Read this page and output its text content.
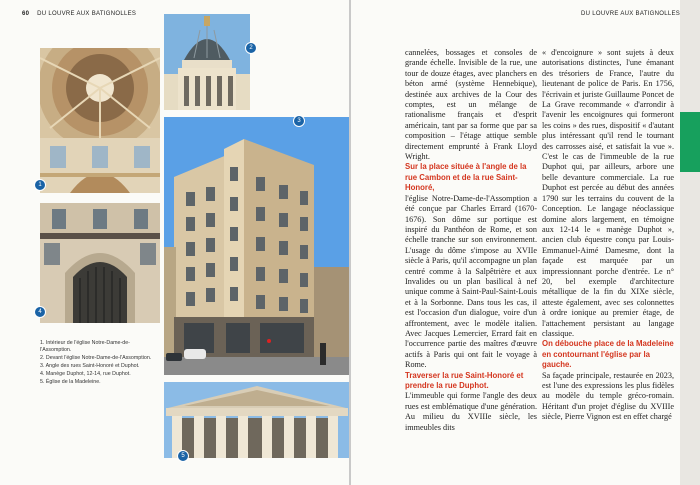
60 DU LOUVRE AUX BATIGNOLLES
1
4
2
3
5

1. Intérieur de l'église Notre-Dame-de-l'Assomption.

2. Devant l'église Notre-Dame-de-l'Assomption.

3. Angle des rues Saint-Honoré et Duphot.

4. Manège Duphot, 12-14, rue Duphot.

5. Église de la Madeleine.

DU LOUVRE AUX BATIGNOLLES

cannelées, bossages et consoles de grande échelle. Invisible de la rue, une tour de douze étages, avec planchers en béton armé (système Hennebique), destinée aux archives de la Cour des comptes, est un mélange de rationalisme français et d'esprit américain, tant par sa forme que par sa composition – l'étage attique semble directement emprunté à Frank Lloyd Wright.

Sur la place située à l'angle de la rue Cambon et de la rue Saint-Honoré,

l'église Notre-Dame-de-l'Assomption a été conçue par Charles Errard (1670-1676). Son dôme sur portique est inspiré du Panthéon de Rome, et son échelle tranche sur son environnement. L'usage du dôme s'impose au XVIIe siècle à Paris, qu'il accompagne un plan centré comme à la Salpêtrière et aux Invalides ou un plan basilical à nef unique comme à Saint-Paul-Saint-Louis et à la Sorbonne. Dans tous les cas, il est l'occasion d'un dialogue, voire d'un affrontement, avec le modèle italien. Avec Jacques Lemercier, Errard fait en l'occurrence partie des maîtres d'œuvre actifs à Paris qui ont fait le voyage à Rome.

Traverser la rue Saint-Honoré et prendre la rue Duphot.

L'immeuble qui forme l'angle des deux rues est emblématique d'une génération. Au milieu du XVIIIe siècle, les immeubles dits

« d'encoignure » sont sujets à deux autorisations distinctes, l'une émanant des trésoriers de France, l'autre du lieutenant de police de Paris. En 1756, l'écrivain et juriste Guillaume Poncet de La Grave recommande « d'arrondir à l'avenir les encoignures qui formeront les coins » des rues, dispositif « d'autant plus intéressant qu'il rend le tournant des carrosses aisé, et satisfait la vue ». C'est le cas de l'immeuble de la rue Duphot qui, par ailleurs, arbore une belle devanture commerciale. La rue Duphot est percée au début des années 1790 sur les terrains du couvent de la Conception. Le langage néoclassique domine alors largement, en témoigne aux 12-14 le « manège Duphot », ancien club équestre conçu par Louis-Emmanuel-Aimé Damesme, dont la façade est marquée par un impressionnant porche d'entrée. Le n° 20, bel exemple d'architecture métallique de la fin du XIXe siècle, atteste également, avec ses colonnettes à ordre ionique au premier étage, de l'attachement persistant au langage classique.

On débouche place de la Madeleine en contournant l'église par la gauche.

Sa façade principale, restaurée en 2023, est l'une des expressions les plus fidèles au modèle du temple gréco-romain. Héritant d'un projet d'église du XVIIIe siècle, Pierre Vignon est en effet chargé
